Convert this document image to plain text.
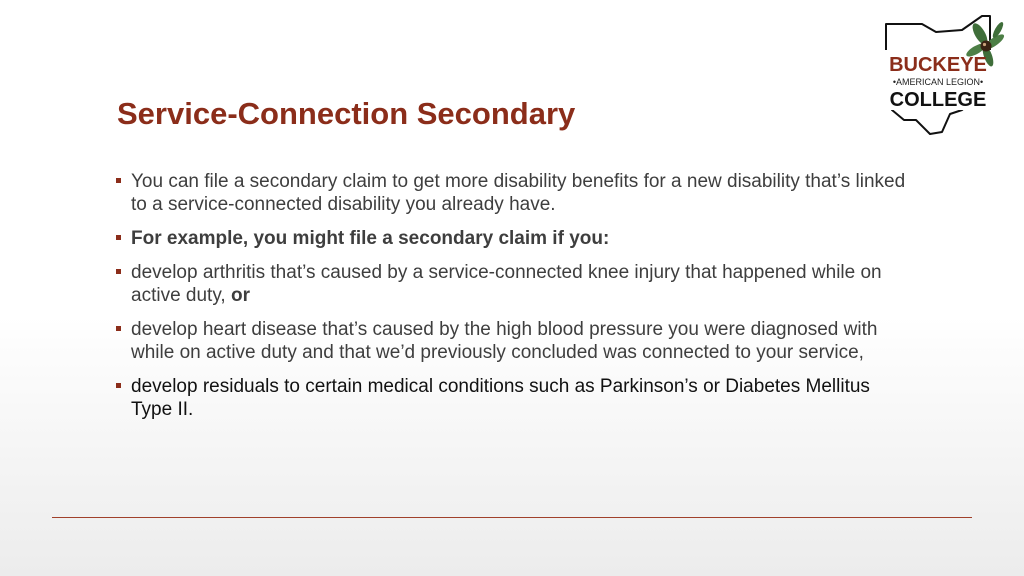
Service-Connection Secondary
You can file a secondary claim to get more disability benefits for a new disability that’s linked to a service-connected disability you already have.
For example, you might file a secondary claim if you:
develop arthritis that’s caused by a service-connected knee injury that happened while on active duty, or
develop heart disease that’s caused by the high blood pressure you were diagnosed with while on active duty and that we’d previously concluded was connected to your service,
develop residuals to certain medical conditions such as Parkinson’s or Diabetes Mellitus Type II.
BUCKEYE
•AMERICAN LEGION•
COLLEGE
